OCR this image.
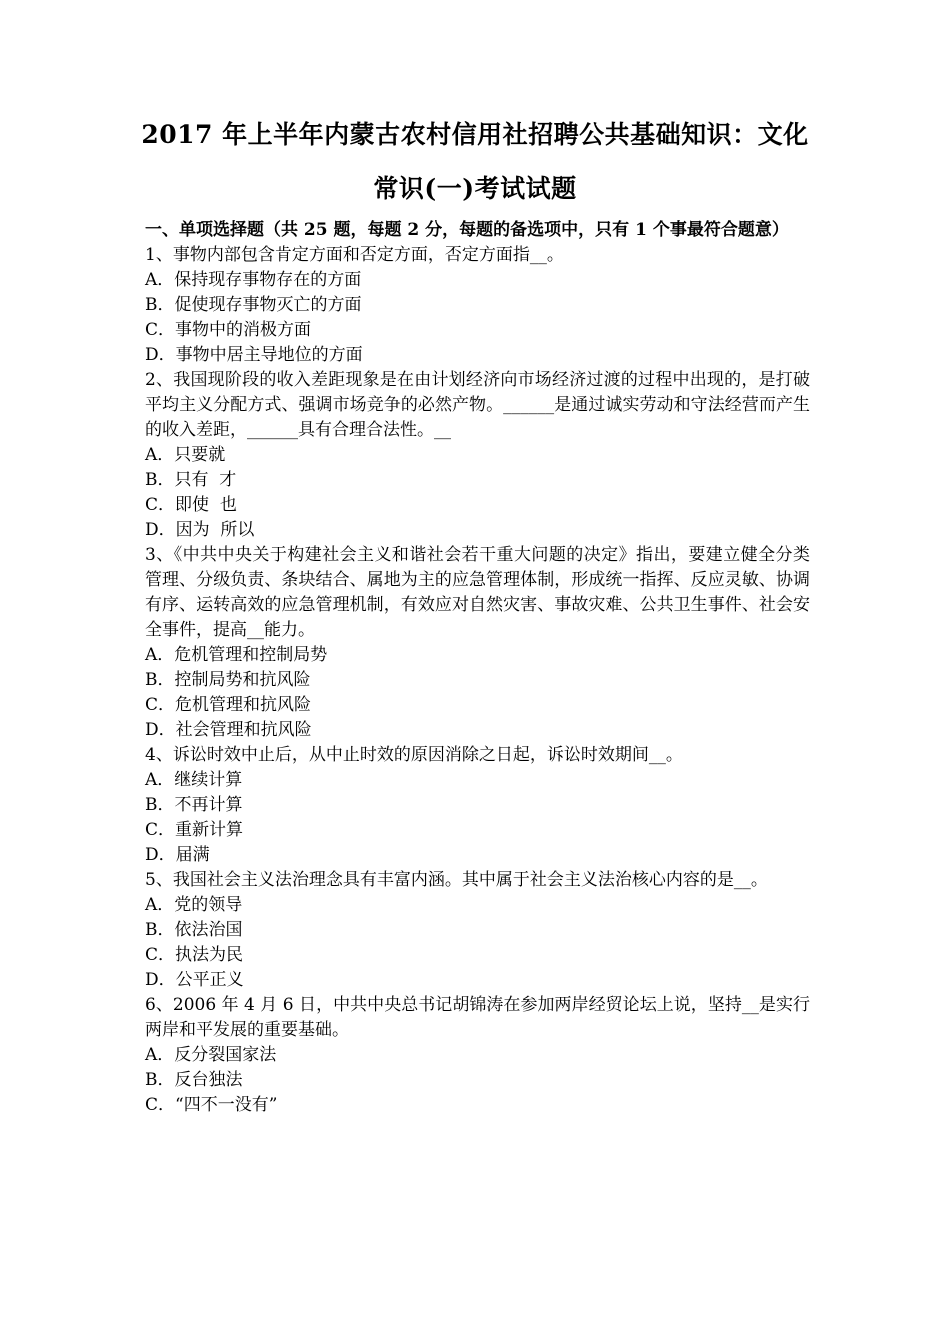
2017 年上半年内蒙古农村信用社招聘公共基础知识：文化
常识(一)考试试题
一、单项选择题（共 25 题，每题 2 分，每题的备选项中，只有 1 个事最符合题意）
1、事物内部包含肯定方面和否定方面，否定方面指__。
A．保持现存事物存在的方面
B．促使现存事物灭亡的方面
C．事物中的消极方面
D．事物中居主导地位的方面
2、我国现阶段的收入差距现象是在由计划经济向市场经济过渡的过程中出现的，是打破平均主义分配方式、强调市场竞争的必然产物。______是通过诚实劳动和守法经营而产生的收入差距，______具有合理合法性。__
A．只要就
B．只有  才
C．即使  也
D．因为  所以
3、《中共中央关于构建社会主义和谐社会若干重大问题的决定》指出，要建立健全分类管理、分级负责、条块结合、属地为主的应急管理体制，形成统一指挥、反应灵敏、协调有序、运转高效的应急管理机制，有效应对自然灾害、事故灾难、公共卫生事件、社会安全事件，提高__能力。
A．危机管理和控制局势
B．控制局势和抗风险
C．危机管理和抗风险
D．社会管理和抗风险
4、诉讼时效中止后，从中止时效的原因消除之日起，诉讼时效期间__。
A．继续计算
B．不再计算
C．重新计算
D．届满
5、我国社会主义法治理念具有丰富内涵。其中属于社会主义法治核心内容的是__。
A．党的领导
B．依法治国
C．执法为民
D．公平正义
6、2006 年 4 月 6 日，中共中央总书记胡锦涛在参加两岸经贸论坛上说，坚持__是实行两岸和平发展的重要基础。
A．反分裂国家法
B．反台独法
C．“四不一没有”
